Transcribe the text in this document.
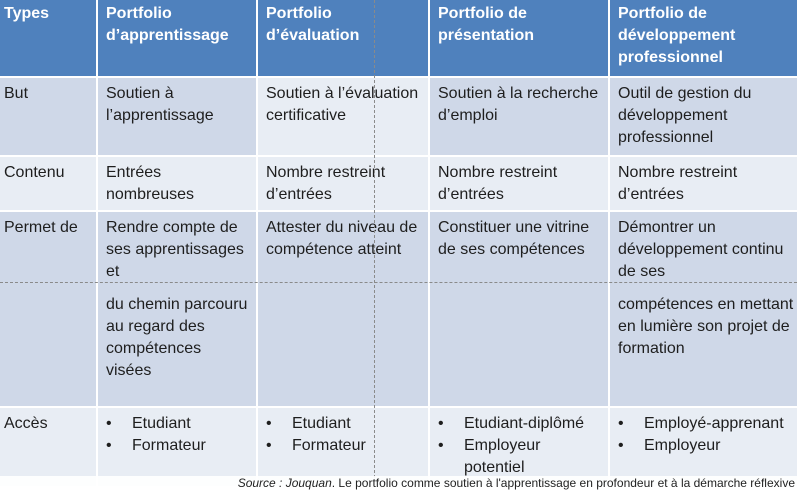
Types	Portfolio d’apprentissage
Portfolio d’évaluation
Portfolio de présentation
Portfolio de développement professionnel
But	Soutien à l’apprentissage
Soutien à l’évaluation certificative
Soutien à la recherche d’emploi
Outil de gestion du développement professionnel
Contenu	Entrées nombreuses
Nombre restreint d’entrées
Nombre restreint d’entrées
Nombre restreint d’entrées
Permet de	Rendre compte de ses apprentissages et
du chemin parcouru au regard des compétences visées
Attester du niveau de compétence atteint
Constituer une vitrine de ses compétences
Démontrer un développement continu de ses
compétences en mettant en lumière son projet de formation
Accès
•	Etudiant
• Formateur
• Etudiant
• Formateur
• Etudiant-diplômé
• Employeur potentiel
• Employé-apprenant
• Employeur
Source : Jouquan. Le portfolio comme soutien à l'apprentissage en profondeur et à la démarche réflexive
